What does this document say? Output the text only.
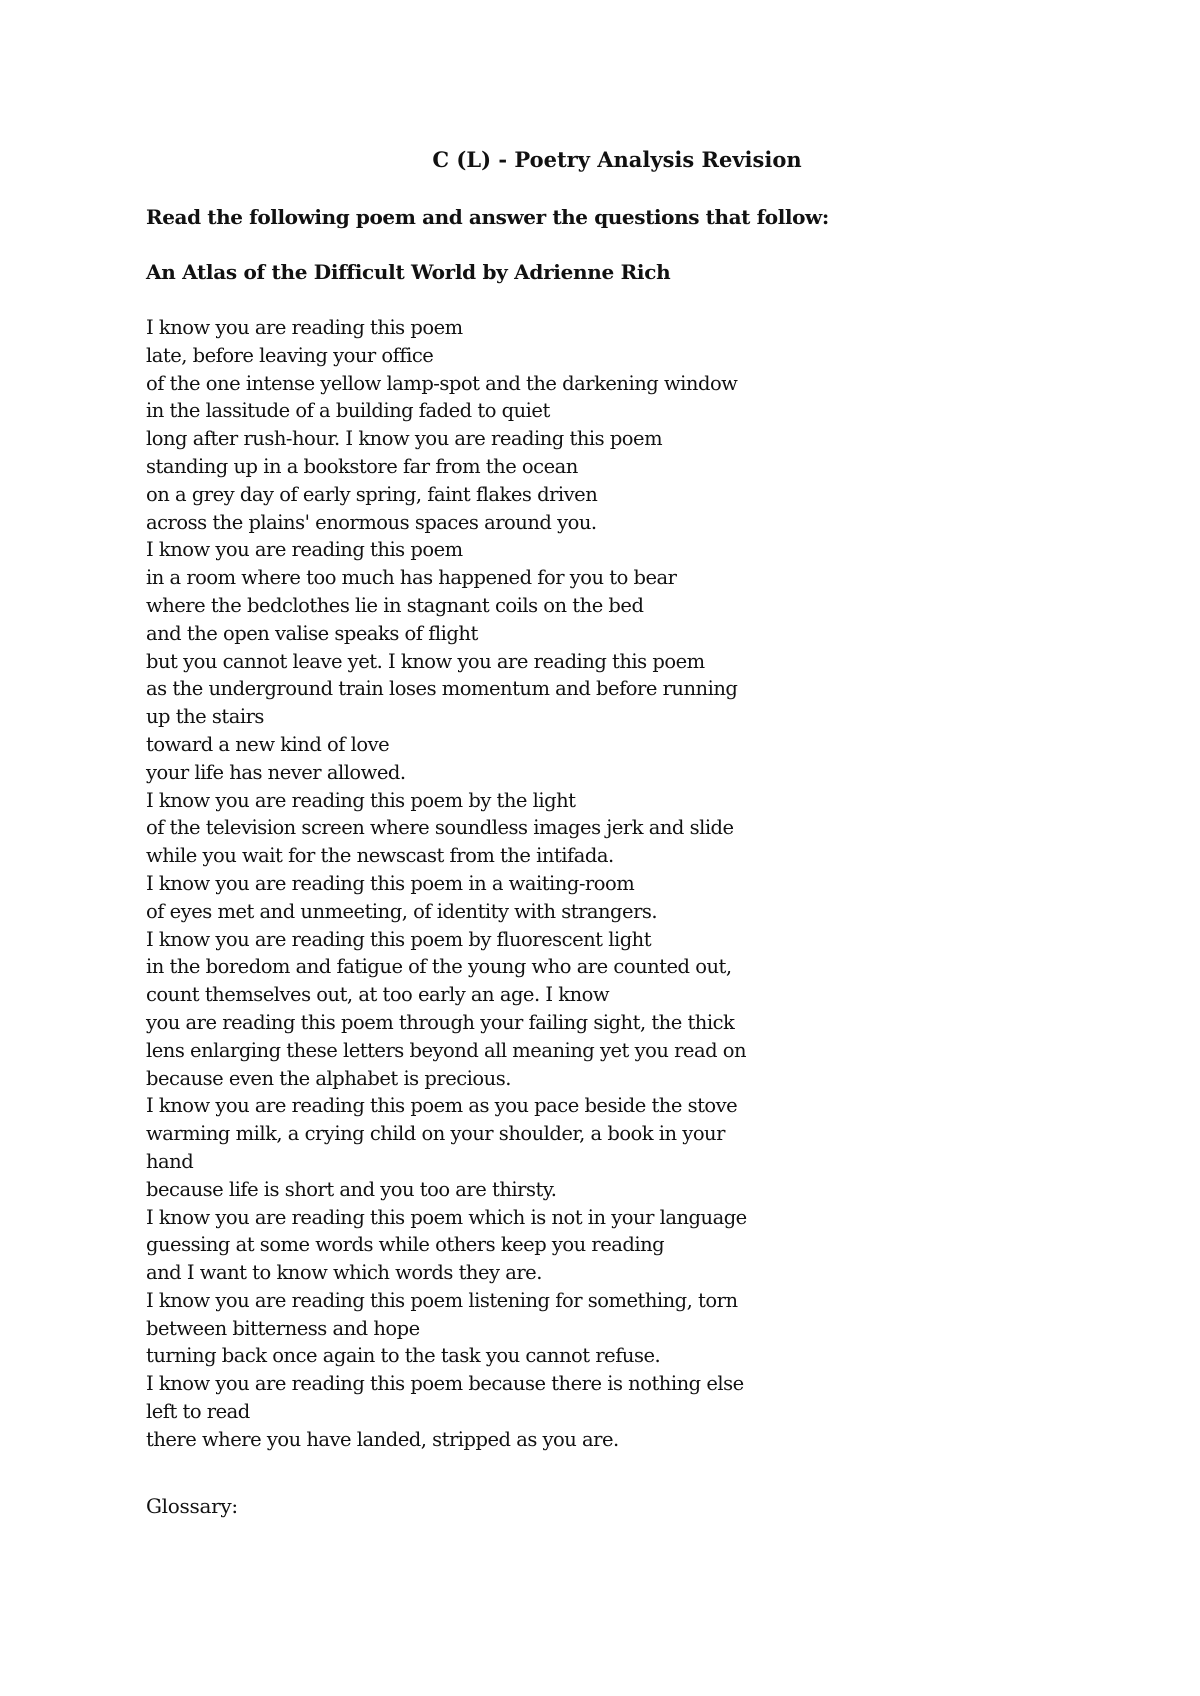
C (L) - Poetry Analysis Revision

Read the following poem and answer the questions that follow:

An Atlas of the Difficult World by Adrienne Rich
I know you are reading this poem
late, before leaving your office
of the one intense yellow lamp-spot and the darkening window
in the lassitude of a building faded to quiet
long after rush-hour. I know you are reading this poem
standing up in a bookstore far from the ocean
on a grey day of early spring, faint flakes driven
across the plains' enormous spaces around you.
I know you are reading this poem
in a room where too much has happened for you to bear
where the bedclothes lie in stagnant coils on the bed
and the open valise speaks of flight
but you cannot leave yet. I know you are reading this poem
as the underground train loses momentum and before running
up the stairs
toward a new kind of love
your life has never allowed.
I know you are reading this poem by the light
of the television screen where soundless images jerk and slide
while you wait for the newscast from the intifada.
I know you are reading this poem in a waiting-room
of eyes met and unmeeting, of identity with strangers.
I know you are reading this poem by fluorescent light
in the boredom and fatigue of the young who are counted out,
count themselves out, at too early an age. I know
you are reading this poem through your failing sight, the thick
lens enlarging these letters beyond all meaning yet you read on
because even the alphabet is precious.
I know you are reading this poem as you pace beside the stove
warming milk, a crying child on your shoulder, a book in your
hand
because life is short and you too are thirsty.
I know you are reading this poem which is not in your language
guessing at some words while others keep you reading
and I want to know which words they are.
I know you are reading this poem listening for something, torn
between bitterness and hope
turning back once again to the task you cannot refuse.
I know you are reading this poem because there is nothing else
left to read
there where you have landed, stripped as you are.

Glossary:
